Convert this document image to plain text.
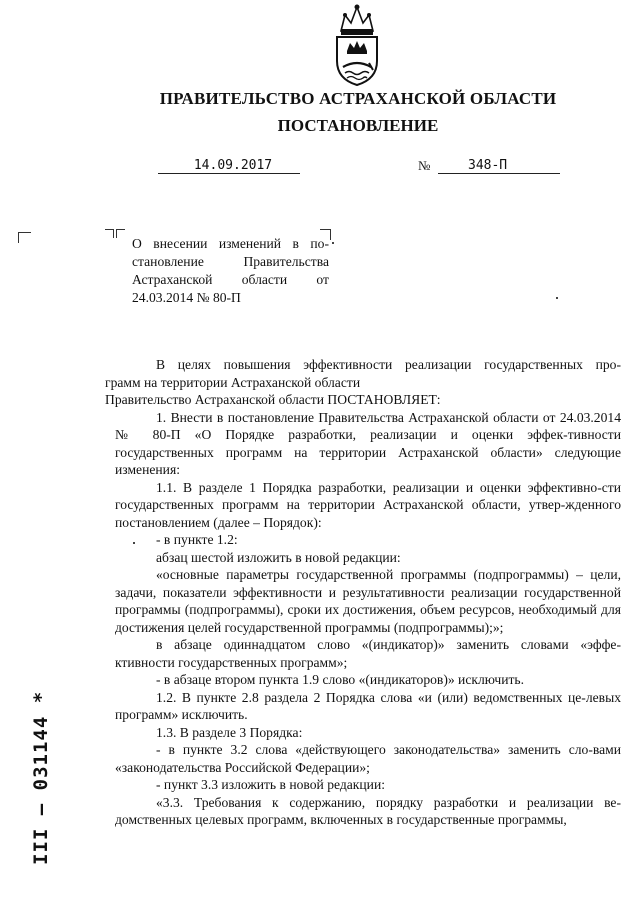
ПРАВИТЕЛЬСТВО АСТРАХАНСКОЙ ОБЛАСТИ
ПОСТАНОВЛЕНИЕ
14.09.2017	№	348-П
О внесении изменений в по-
становление Правительства
Астраханской области от
24.03.2014 № 80-П

В целях повышения эффективности реализации государственных про-

грамм на территории Астраханской области

Правительство Астраханской области ПОСТАНОВЛЯЕТ:

1. Внести в постановление Правительства Астраханской области от 24.03.2014 № 80-П «О Порядке разработки, реализации и оценки эффек-тивности государственных программ на территории Астраханской области» следующие изменения:

1.1. В разделе 1 Порядка разработки, реализации и оценки эффективно-сти государственных программ на территории Астраханской области, утвер-жденного постановлением (далее – Порядок):

- в пункте 1.2:

абзац шестой изложить в новой редакции:

«основные параметры государственной программы (подпрограммы) – цели, задачи, показатели эффективности и результативности реализации государственной программы (подпрограммы), сроки их достижения, объем ресурсов, необходимый для достижения целей государственной программы (подпрограммы);»;

в абзаце одиннадцатом слово «(индикатор)» заменить словами «эффе-ктивности государственных программ»;

- в абзаце втором пункта 1.9 слово «(индикаторов)» исключить.

1.2. В пункте 2.8 раздела 2 Порядка слова «и (или) ведомственных це-левых программ» исключить.

1.3. В разделе 3 Порядка:

- в пункте 3.2 слова «действующего законодательства» заменить сло-вами «законодательства Российской Федерации»;

- пункт 3.3 изложить в новой редакции:

«3.3. Требования к содержанию, порядку разработки и реализации ве-домственных целевых программ, включенных в государственные программы,

ІІІ – 031144 *
